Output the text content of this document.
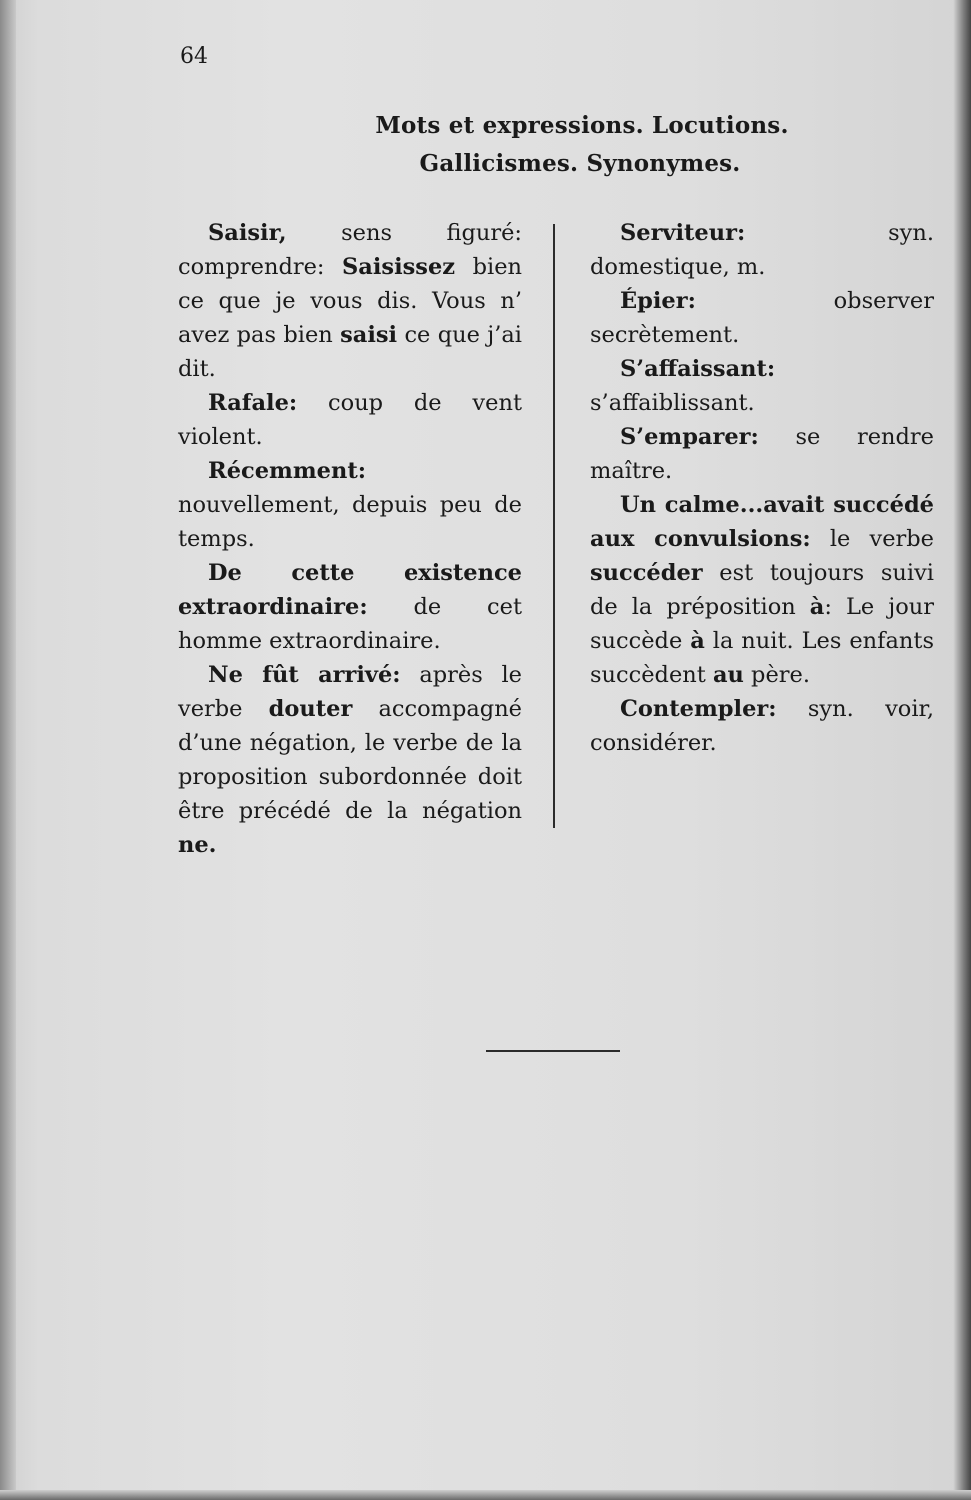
64
Mots et expressions. Locutions.
Gallicismes. Synonymes.

Saisir, sens figuré: comprendre: Saisissez bien ce que je vous dis. Vous n’ avez pas bien saisi ce que j’ai dit.

Rafale: coup de vent violent.

Récemment: nouvellement, depuis peu de temps.

De cette existence extraordinaire: de cet homme extraordinaire.

Ne fût arrivé: après le verbe douter accompagné d’une négation, le verbe de la proposition subordonnée doit être précédé de la négation ne.

Serviteur: syn. domestique, m.

Épier: observer secrètement.

S’affaissant: s’affaiblissant.

S’emparer: se rendre maître.

Un calme...avait succédé aux convulsions: le verbe succéder est toujours suivi de la préposition à: Le jour succède à la nuit. Les enfants succèdent au père.

Contempler: syn. voir, considérer.
